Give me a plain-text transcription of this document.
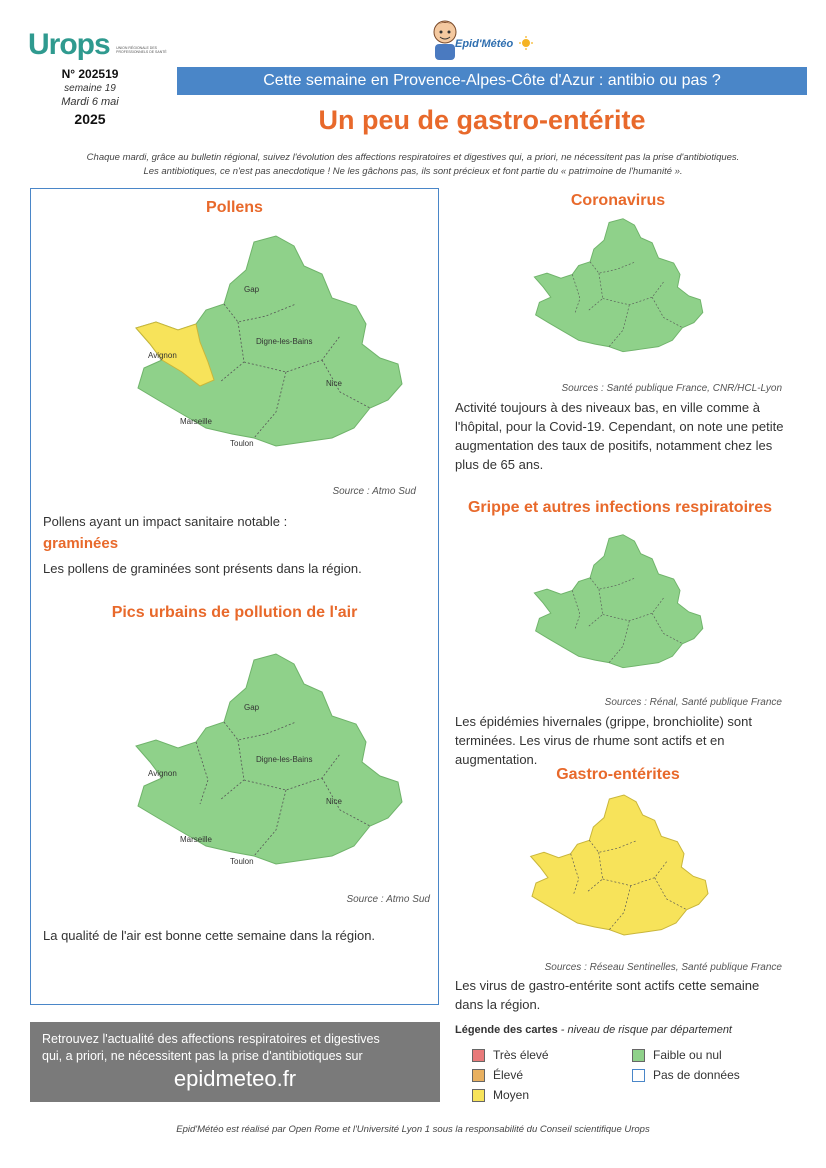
Urops UNION RÉGIONALE DES PROFESSIONNELS DE SANTÉ
Epid'Météo
N° 202519
semaine 19
Mardi 6 mai
2025
Cette semaine en Provence-Alpes-Côte d'Azur : antibio ou pas ?
Un peu de gastro-entérite
Chaque mardi, grâce au bulletin régional, suivez l'évolution des affections respiratoires et digestives qui, a priori, ne nécessitent pas la prise d'antibiotiques.
Les antibiotiques, ce n'est pas anecdotique ! Ne les gâchons pas, ils sont précieux et font partie du « patrimoine de l'humanité ».
Pollens
Gap
Avignon
Digne-les-Bains
Nice
Marseille
Toulon
Source : Atmo Sud
Pollens ayant un impact sanitaire notable :
graminées
Les pollens de graminées sont présents dans la région.
Pics urbains de pollution de l'air
Gap
Avignon
Digne-les-Bains
Nice
Marseille
Toulon
Source : Atmo Sud
La qualité de l'air est bonne cette semaine dans la région.
Coronavirus
Sources : Santé publique France, CNR/HCL-Lyon
Activité toujours à des niveaux bas, en ville comme à l'hôpital, pour la Covid-19. Cependant, on note une petite augmentation des taux de positifs, notamment chez les plus de 65 ans.
Grippe et autres infections respiratoires
Sources : Rénal, Santé publique France
Les épidémies hivernales (grippe, bronchiolite) sont terminées. Les virus de rhume sont actifs et en augmentation.
Gastro-entérites
Sources : Réseau Sentinelles, Santé publique France
Les virus de gastro-entérite sont actifs cette semaine dans la région.
Retrouvez l'actualité des affections respiratoires et digestives
qui, a priori, ne nécessitent pas la prise d'antibiotiques sur
epidmeteo.fr
Légende des cartes - niveau de risque par département
Très élevé
Élevé
Moyen
Faible ou nul
Pas de données
Epid'Météo est réalisé par Open Rome et l'Université Lyon 1 sous la responsabilité du Conseil scientifique Urops
